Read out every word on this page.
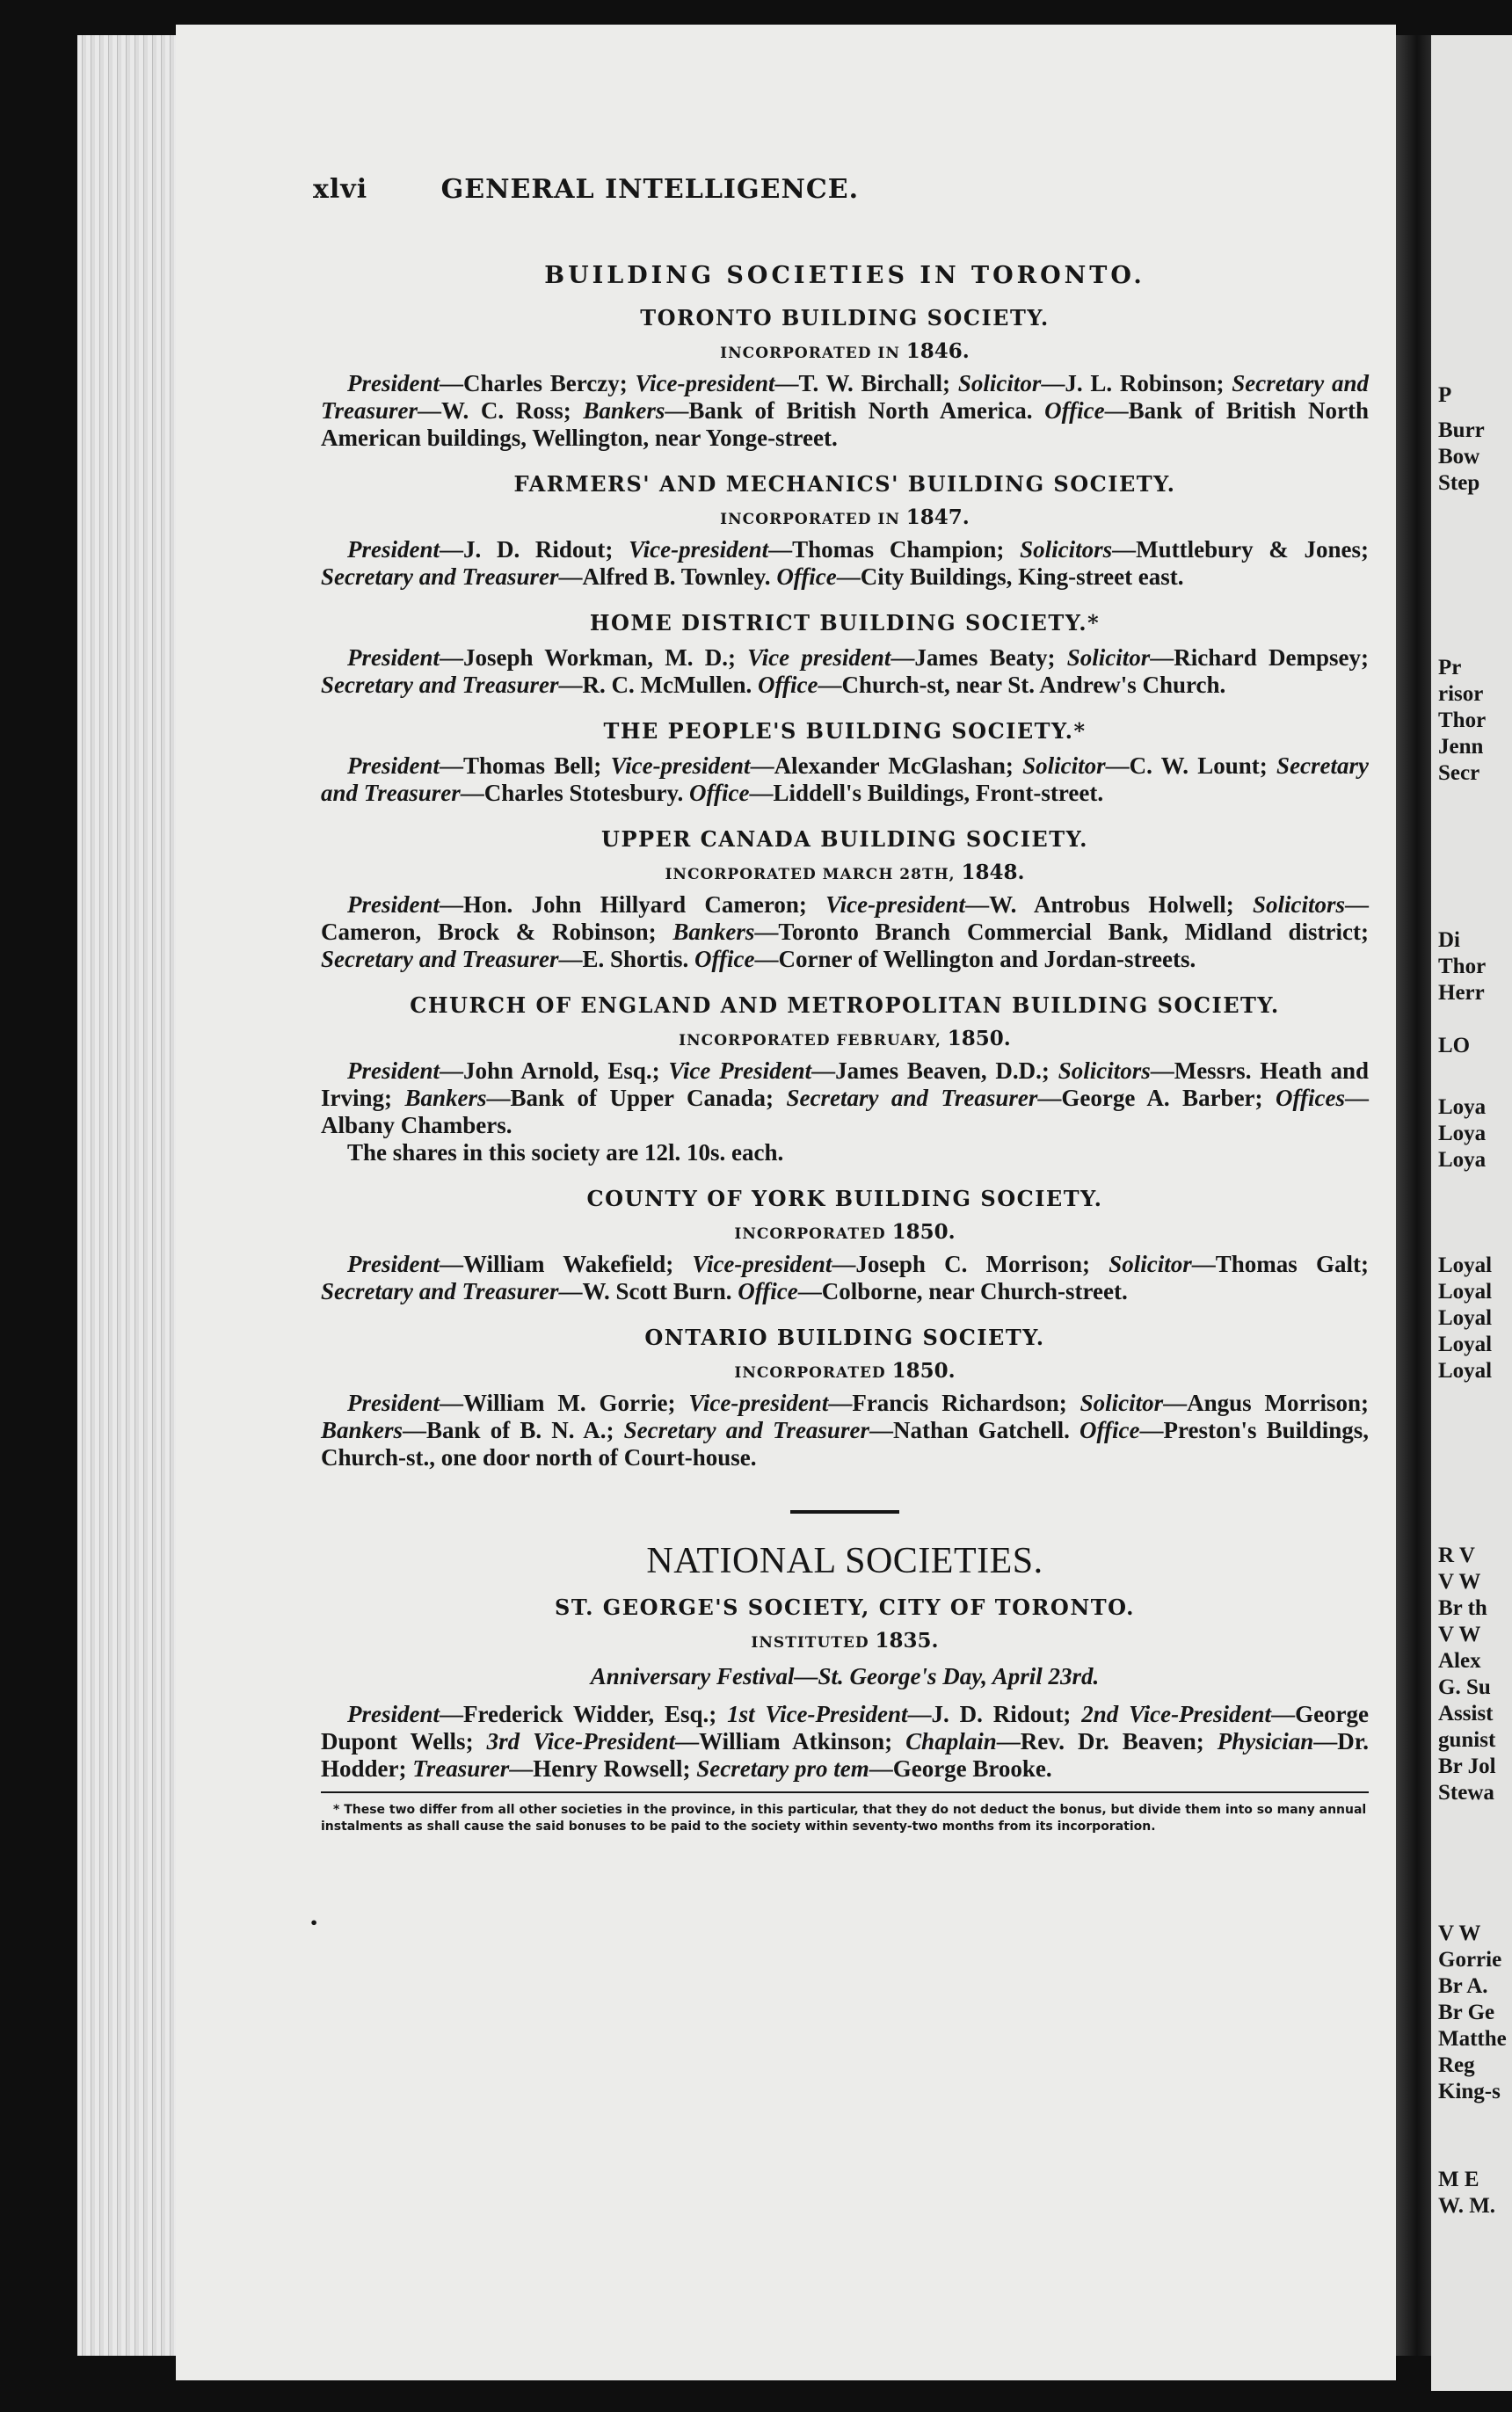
P
Burr
Bow
Step
Pr
risor
Thor
Jenn
Secr
Di
Thor
Herr
LO
Loya
Loya
Loya
Loyal
Loyal
Loyal
Loyal
Loyal
R V
V W
Br th
V W
Alex
G. Su
Assist
gunist
Br Jol
Stewa
V W
Gorrie
Br A.
Br Ge
Matthe
Reg
King-s
M E
W. M.
xlvi	GENERAL INTELLIGENCE.
BUILDING SOCIETIES IN TORONTO.
TORONTO BUILDING SOCIETY.
INCORPORATED IN 1846.

President—Charles Berczy; Vice-president—T. W. Birchall; Solicitor—J. L. Robinson; Secretary and Treasurer—W. C. Ross; Bankers—Bank of British North America. Office—Bank of British North American buildings, Wellington, near Yonge-street.

FARMERS' AND MECHANICS' BUILDING SOCIETY.
INCORPORATED IN 1847.

President—J. D. Ridout; Vice-president—Thomas Champion; Solicitors—Muttlebury & Jones; Secretary and Treasurer—Alfred B. Townley. Office—City Buildings, King-street east.

HOME DISTRICT BUILDING SOCIETY.*

President—Joseph Workman, M. D.; Vice president—James Beaty; Solicitor—Richard Dempsey; Secretary and Treasurer—R. C. McMullen. Office—Church-st, near St. Andrew's Church.

THE PEOPLE'S BUILDING SOCIETY.*

President—Thomas Bell; Vice-president—Alexander McGlashan; Solicitor—C. W. Lount; Secretary and Treasurer—Charles Stotesbury. Office—Liddell's Buildings, Front-street.

UPPER CANADA BUILDING SOCIETY.
INCORPORATED MARCH 28TH, 1848.

President—Hon. John Hillyard Cameron; Vice-president—W. Antrobus Holwell; Solicitors—Cameron, Brock & Robinson; Bankers—Toronto Branch Commercial Bank, Midland district; Secretary and Treasurer—E. Shortis. Office—Corner of Wellington and Jordan-streets.

CHURCH OF ENGLAND AND METROPOLITAN BUILDING SOCIETY.
INCORPORATED FEBRUARY, 1850.

President—John Arnold, Esq.; Vice President—James Beaven, D.D.; Solicitors—Messrs. Heath and Irving; Bankers—Bank of Upper Canada; Secretary and Treasurer—George A. Barber; Offices—Albany Chambers.

The shares in this society are 12l. 10s. each.

COUNTY OF YORK BUILDING SOCIETY.
INCORPORATED 1850.

President—William Wakefield; Vice-president—Joseph C. Morrison; Solicitor—Thomas Galt; Secretary and Treasurer—W. Scott Burn. Office—Colborne, near Church-street.

ONTARIO BUILDING SOCIETY.
INCORPORATED 1850.

President—William M. Gorrie; Vice-president—Francis Richardson; Solicitor—Angus Morrison; Bankers—Bank of B. N. A.; Secretary and Treasurer—Nathan Gatchell. Office—Preston's Buildings, Church-st., one door north of Court-house.

NATIONAL SOCIETIES.
ST. GEORGE'S SOCIETY, CITY OF TORONTO.
INSTITUTED 1835.
Anniversary Festival—St. George's Day, April 23rd.

President—Frederick Widder, Esq.; 1st Vice-President—J. D. Ridout; 2nd Vice-President—George Dupont Wells; 3rd Vice-President—William Atkinson; Chaplain—Rev. Dr. Beaven; Physician—Dr. Hodder; Treasurer—Henry Rowsell; Secretary pro tem—George Brooke.

* These two differ from all other societies in the province, in this particular, that they do not deduct the bonus, but divide them into so many annual instalments as shall cause the said bonuses to be paid to the society within seventy-two months from its incorporation.

•
